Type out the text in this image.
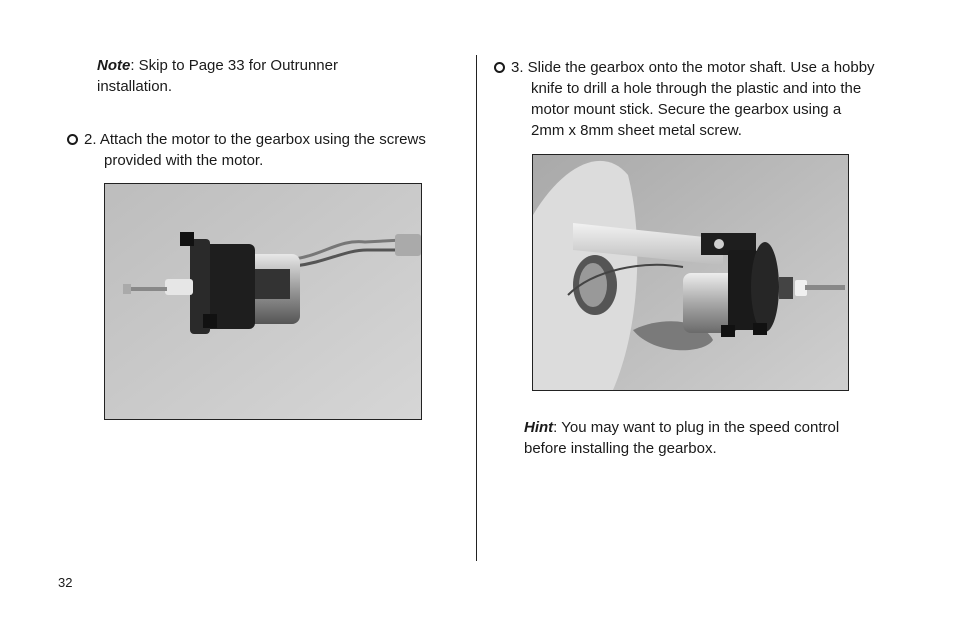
Note: Skip to Page 33 for Outrunner
installation.
2. Attach the motor to the gearbox using the screws
provided with the motor.
3. Slide the gearbox onto the motor shaft. Use a hobby
knife to drill a hole through the plastic and into the
motor mount stick. Secure the gearbox using a
2mm x 8mm sheet metal screw.
Hint: You may want to plug in the speed control
before installing the gearbox.
32
